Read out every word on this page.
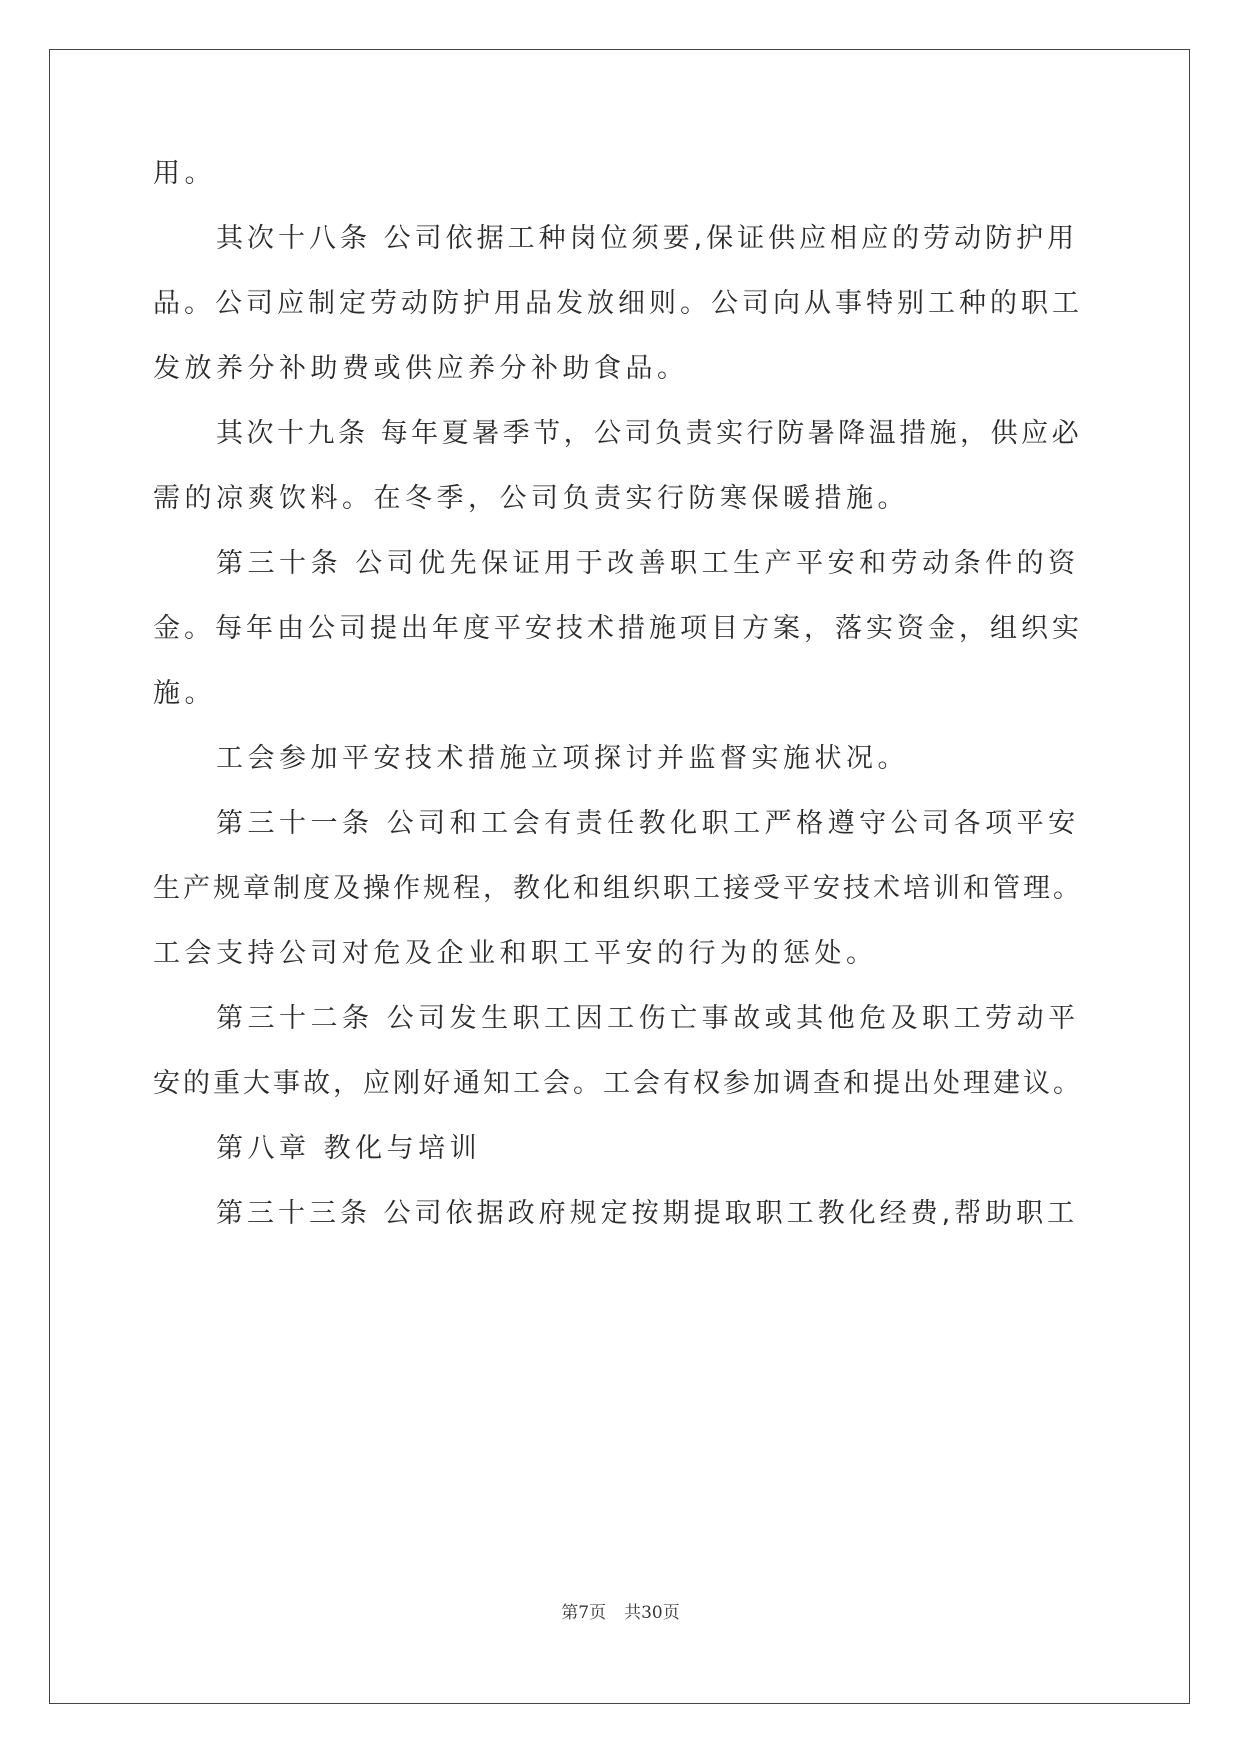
用。
其次十八条 公司依据工种岗位须要,保证供应相应的劳动防护用
品。公司应制定劳动防护用品发放细则。公司向从事特别工种的职工
发放养分补助费或供应养分补助食品。
其次十九条 每年夏暑季节，公司负责实行防暑降温措施，供应必
需的凉爽饮料。在冬季，公司负责实行防寒保暖措施。
第三十条 公司优先保证用于改善职工生产平安和劳动条件的资
金。每年由公司提出年度平安技术措施项目方案，落实资金，组织实
施。
工会参加平安技术措施立项探讨并监督实施状况。
第三十一条 公司和工会有责任教化职工严格遵守公司各项平安
生产规章制度及操作规程，教化和组织职工接受平安技术培训和管理。
工会支持公司对危及企业和职工平安的行为的惩处。
第三十二条 公司发生职工因工伤亡事故或其他危及职工劳动平
安的重大事故，应刚好通知工会。工会有权参加调查和提出处理建议。
第八章 教化与培训
第三十三条 公司依据政府规定按期提取职工教化经费,帮助职工
第7页 共30页
